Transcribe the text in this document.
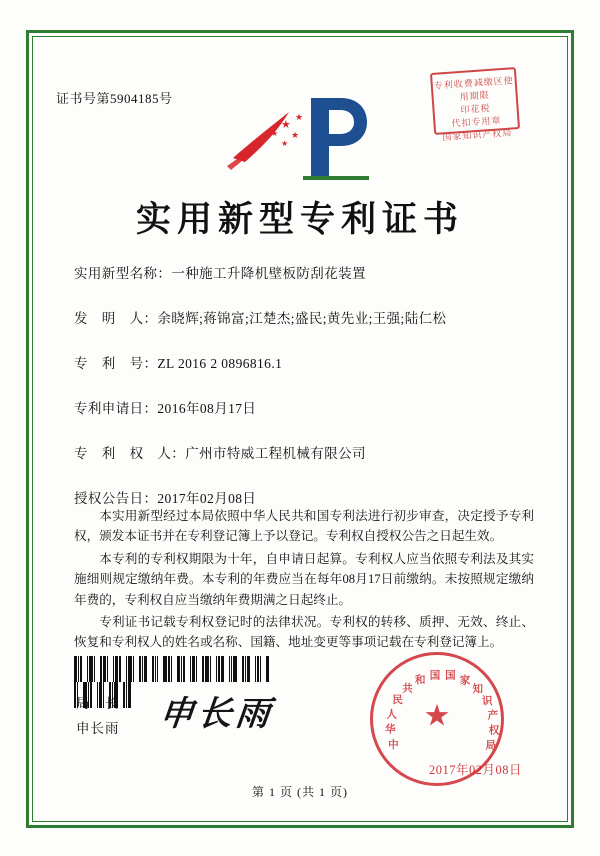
证书号第5904185号
专利收费减缴区使用期限
印花税
代扣专用章
国家知识产权局
★
★
★
★
★
实用新型专利证书
实用新型名称：一种施工升降机壁板防刮花装置
发　明　人：余晓辉;蒋锦富;江楚杰;盛民;黄先业;王强;陆仁松
专　利　号：ZL 2016 2 0896816.1
专利申请日：2016年08月17日
专　利　权　人：广州市特威工程机械有限公司
授权公告日：2017年02月08日

本实用新型经过本局依照中华人民共和国专利法进行初步审查，决定授予专利权，颁发本证书并在专利登记簿上予以登记。专利权自授权公告之日起生效。

本专利的专利权期限为十年，自申请日起算。专利权人应当依照专利法及其实施细则规定缴纳年费。本专利的年费应当在每年08月17日前缴纳。未按照规定缴纳年费的，专利权自应当缴纳年费期满之日起终止。

专利证书记载专利权登记时的法律状况。专利权的转移、质押、无效、终止、恢复和专利权人的姓名或名称、国籍、地址变更等事项记载在专利登记簿上。

局　长
申长雨 申长雨	★
中
华
人
民
共
和 国 国 家
知
识
产
权
局
2017年02月08日
第 1 页 (共 1 页)
